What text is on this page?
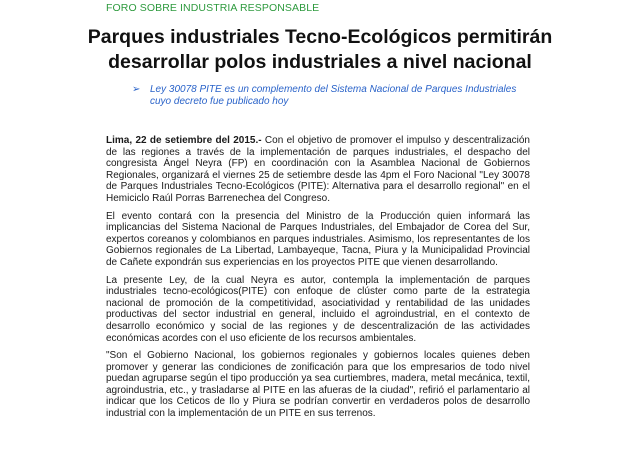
FORO SOBRE INDUSTRIA RESPONSABLE
Parques industriales Tecno-Ecológicos permitirán
desarrollar polos industriales a nivel nacional
➢ Ley 30078 PITE es un complemento del Sistema Nacional de Parques Industriales cuyo decreto fue publicado hoy

Lima, 22 de setiembre del 2015.- Con el objetivo de promover el impulso y descentralización de las regiones a través de la implementación de parques industriales, el despacho del congresista Ángel Neyra (FP) en coordinación con la Asamblea Nacional de Gobiernos Regionales, organizará el viernes 25 de setiembre desde las 4pm el Foro Nacional "Ley 30078 de Parques Industriales Tecno-Ecológicos (PITE): Alternativa para el desarrollo regional" en el Hemiciclo Raúl Porras Barrenechea del Congreso.

El evento contará con la presencia del Ministro de la Producción quien informará las implicancias del Sistema Nacional de Parques Industriales, del Embajador de Corea del Sur, expertos coreanos y colombianos en parques industriales. Asimismo, los representantes de los Gobiernos regionales de La Libertad, Lambayeque, Tacna, Piura y la Municipalidad Provincial de Cañete expondrán sus experiencias en los proyectos PITE que vienen desarrollando.

La presente Ley, de la cual Neyra es autor, contempla la implementación de parques industriales tecno-ecológicos(PITE) con enfoque de clúster como parte de la estrategia nacional de promoción de la competitividad, asociatividad y rentabilidad de las unidades productivas del sector industrial en general, incluido el agroindustrial, en el contexto de desarrollo económico y social de las regiones y de descentralización de las actividades económicas acordes con el uso eficiente de los recursos ambientales.

"Son el Gobierno Nacional, los gobiernos regionales y gobiernos locales quienes deben promover y generar las condiciones de zonificación para que los empresarios de todo nivel puedan agruparse según el tipo producción ya sea curtiembres, madera, metal mecánica, textil, agroindustria, etc., y trasladarse al PITE en las afueras de la ciudad", refirió el parlamentario al indicar que los Ceticos de Ilo y Piura se podrían convertir en verdaderos polos de desarrollo industrial con la implementación de un PITE en sus terrenos.
